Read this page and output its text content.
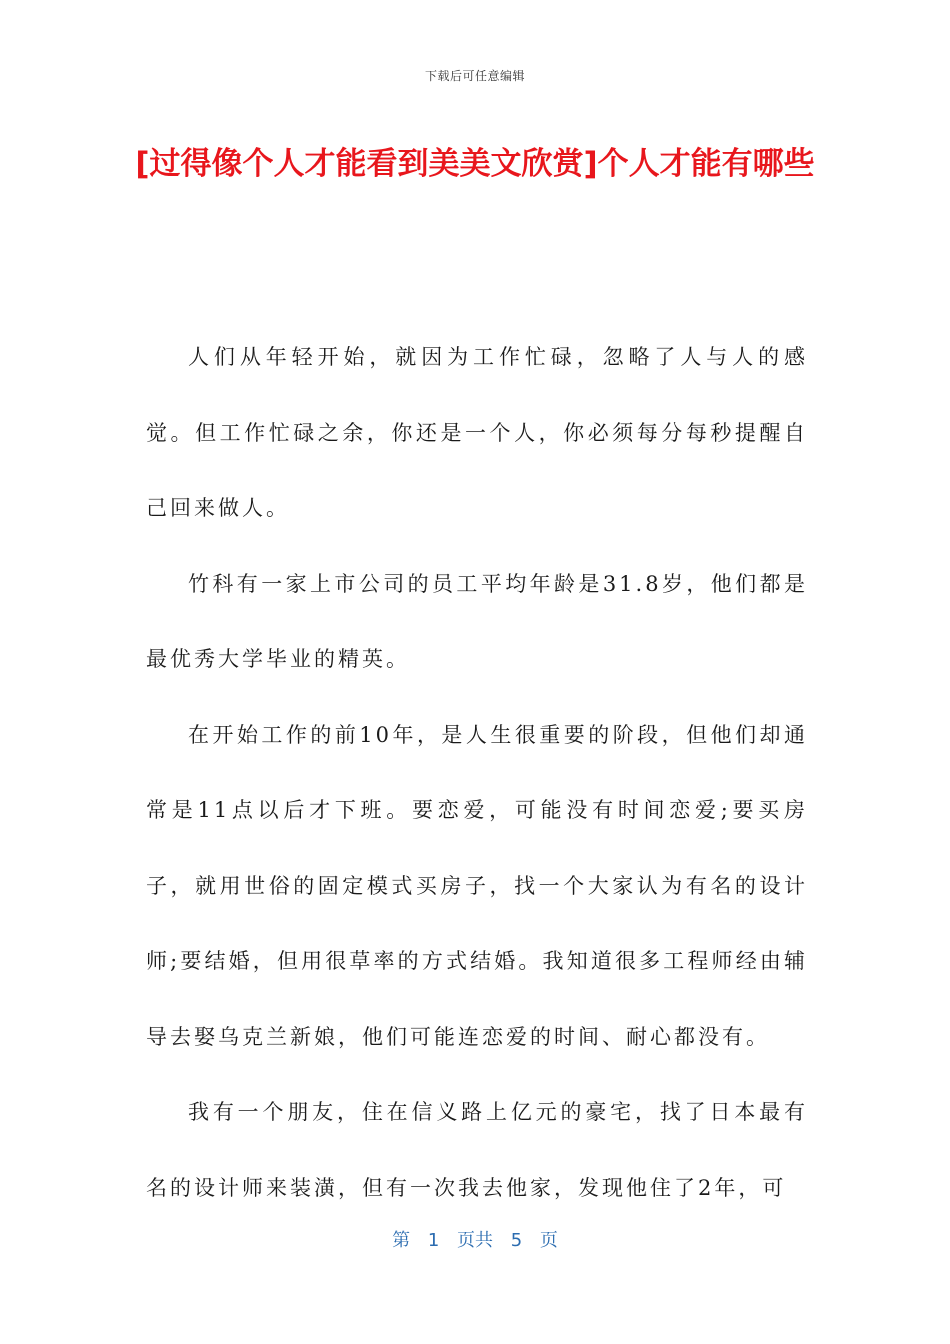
下载后可任意编辑
[过得像个人才能看到美美文欣赏]个人才能有哪些

人们从年轻开始，就因为工作忙碌，忽略了人与人的感觉。但工作忙碌之余，你还是一个人，你必须每分每秒提醒自己回来做人。

竹科有一家上市公司的员工平均年龄是31.8岁，他们都是最优秀大学毕业的精英。

在开始工作的前10年，是人生很重要的阶段，但他们却通常是11点以后才下班。要恋爱，可能没有时间恋爱;要买房子，就用世俗的固定模式买房子，找一个大家认为有名的设计师;要结婚，但用很草率的方式结婚。我知道很多工程师经由辅导去娶乌克兰新娘，他们可能连恋爱的时间、耐心都没有。

我有一个朋友，住在信义路上亿元的豪宅，找了日本最有名的设计师来装潢，但有一次我去他家，发现他住了2年，可

第 1 页共 5 页
